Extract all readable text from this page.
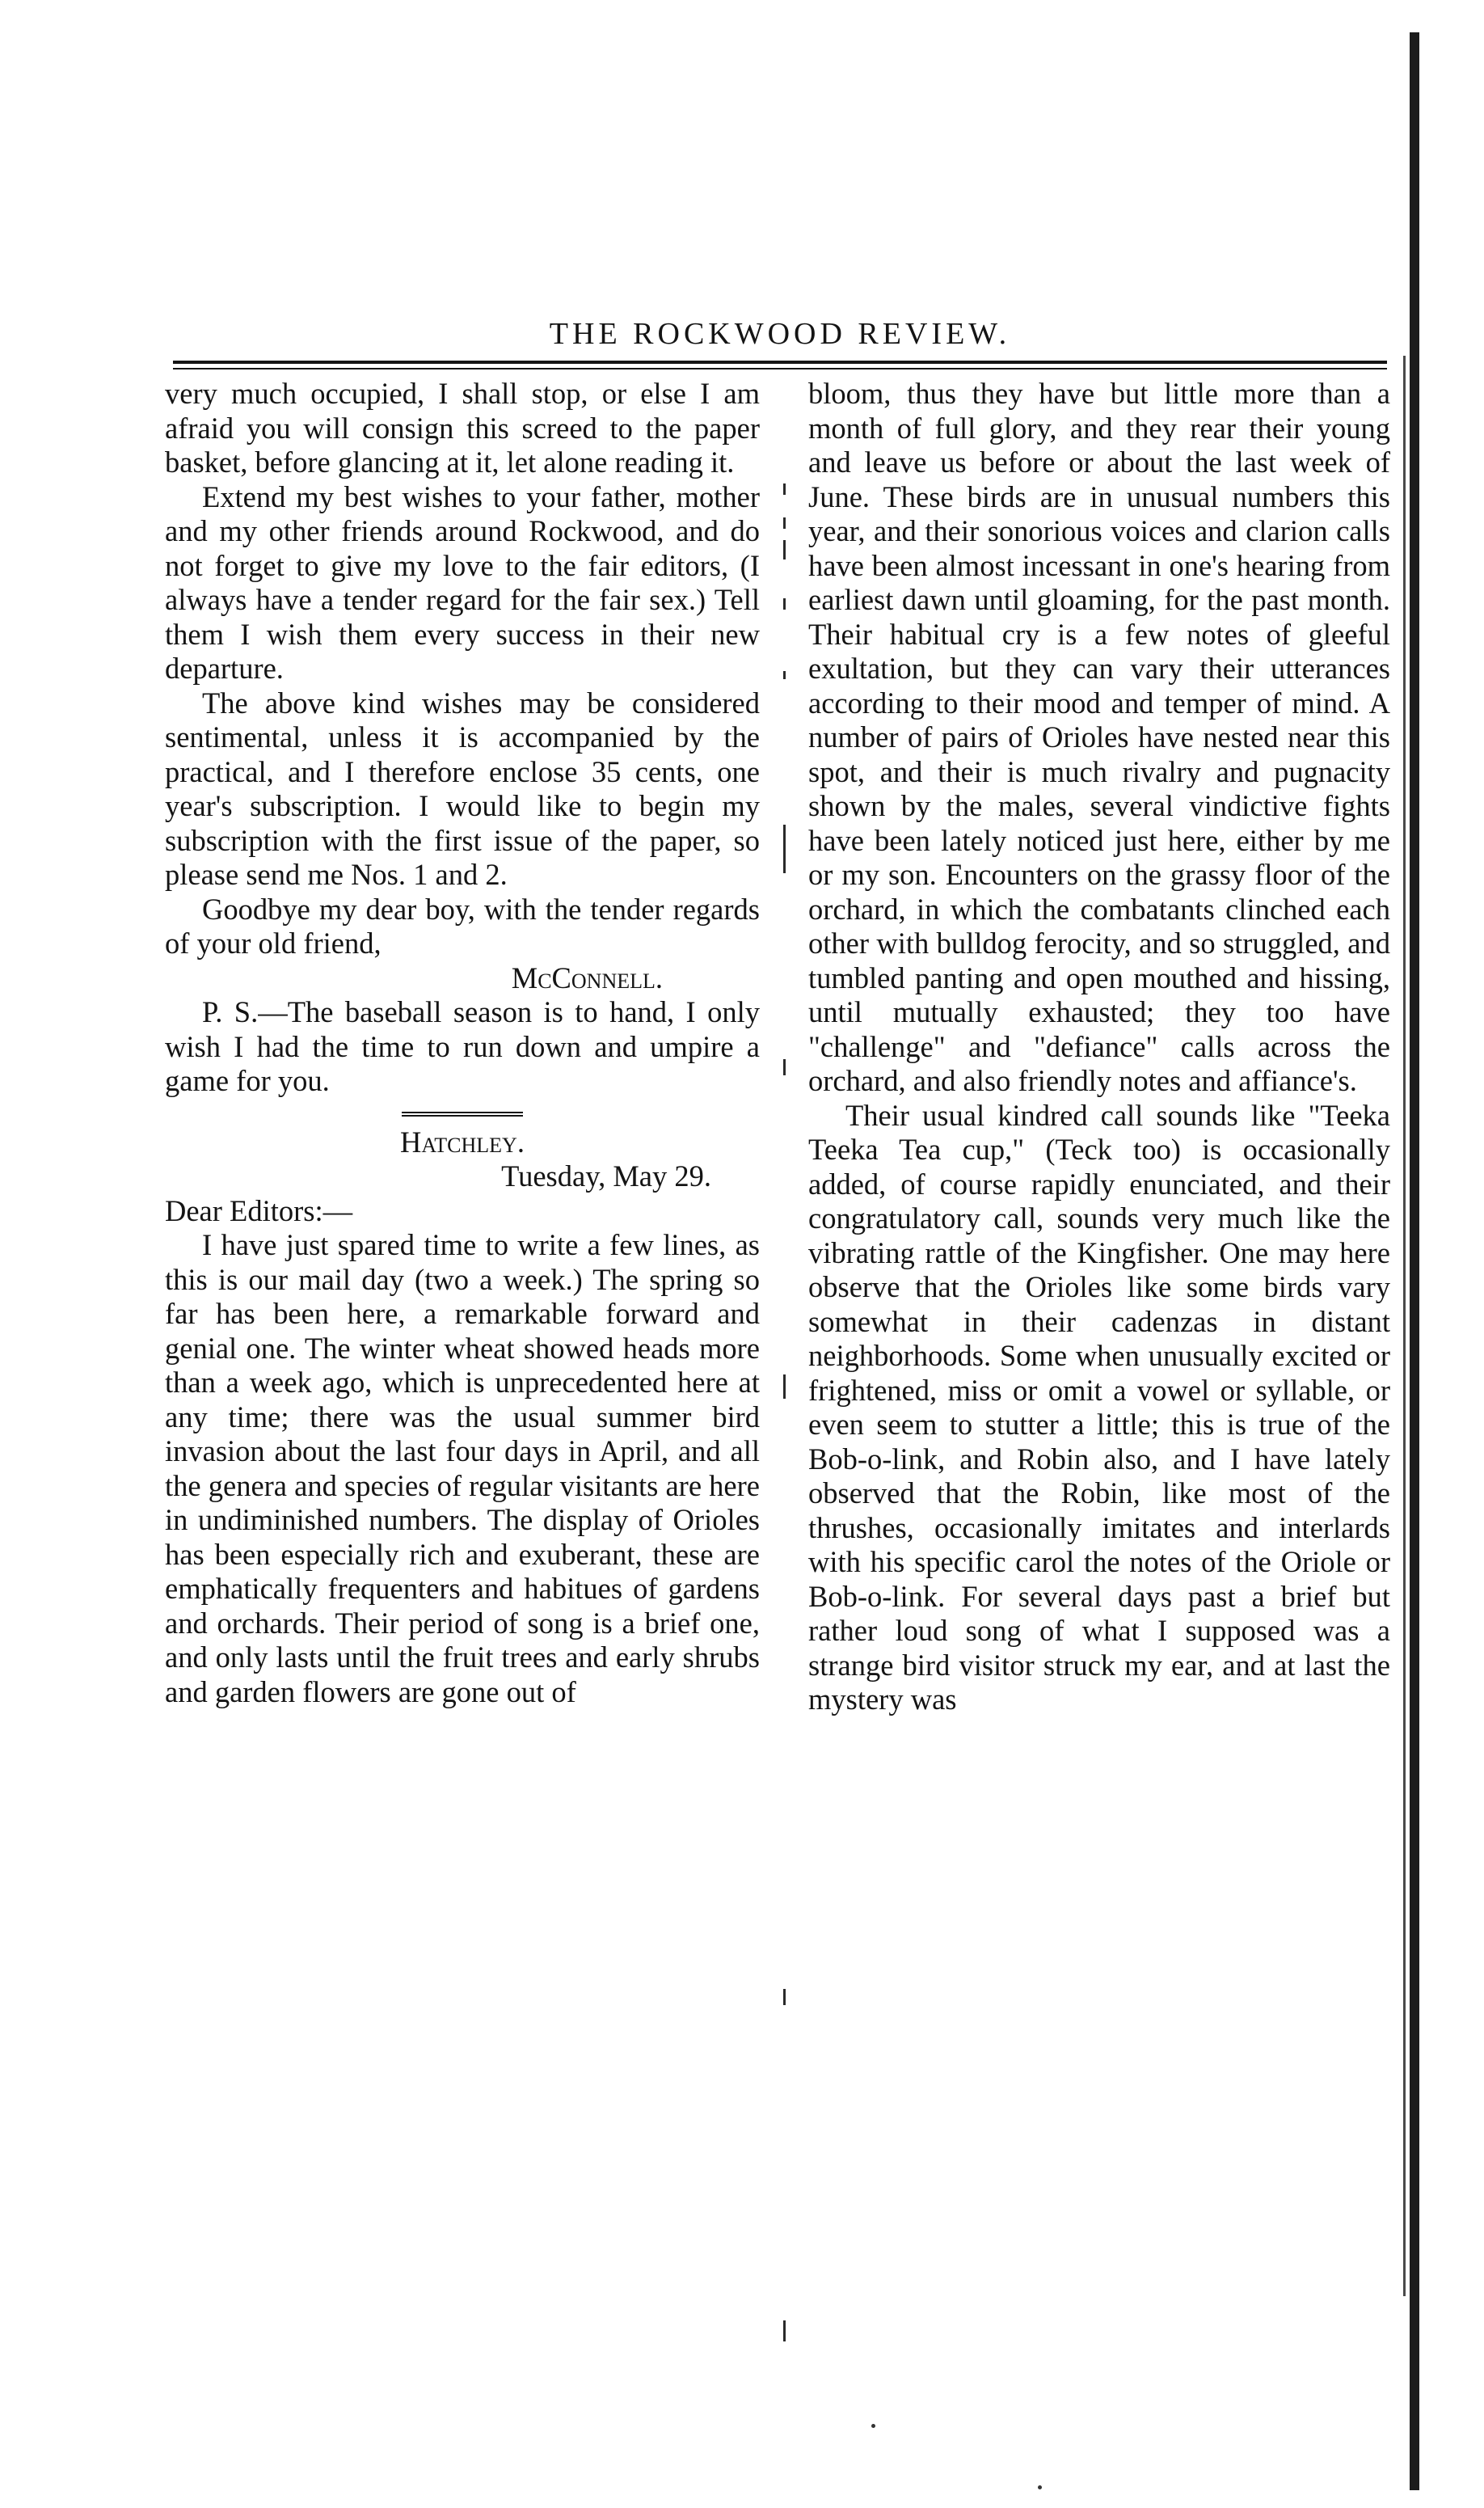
THE ROCKWOOD REVIEW.

very much occupied, I shall stop, or else I am afraid you will consign this screed to the paper basket, before glancing at it, let alone reading it.

Extend my best wishes to your father, mother and my other friends around Rockwood, and do not forget to give my love to the fair editors, (I always have a tender regard for the fair sex.) Tell them I wish them every success in their new departure.

The above kind wishes may be considered sentimental, unless it is accompanied by the practical, and I therefore enclose 35 cents, one year's subscription. I would like to begin my subscription with the first issue of the paper, so please send me Nos. 1 and 2.

Goodbye my dear boy, with the tender regards of your old friend,

McConnell.

P. S.—The baseball season is to hand, I only wish I had the time to run down and umpire a game for you.

Hatchley.

Tuesday, May 29.

Dear Editors:—

I have just spared time to write a few lines, as this is our mail day (two a week.) The spring so far has been here, a remarkable forward and genial one. The winter wheat showed heads more than a week ago, which is unprecedented here at any time; there was the usual summer bird invasion about the last four days in April, and all the genera and species of regular visitants are here in undiminished numbers. The display of Orioles has been especially rich and exuberant, these are emphatically frequenters and habitues of gardens and orchards. Their period of song is a brief one, and only lasts until the fruit trees and early shrubs and garden flowers are gone out of

bloom, thus they have but little more than a month of full glory, and they rear their young and leave us before or about the last week of June. These birds are in unusual numbers this year, and their sonorious voices and clarion calls have been almost incessant in one's hearing from earliest dawn until gloaming, for the past month. Their habitual cry is a few notes of gleeful exultation, but they can vary their utterances according to their mood and temper of mind. A number of pairs of Orioles have nested near this spot, and their is much rivalry and pugnacity shown by the males, several vindictive fights have been lately noticed just here, either by me or my son. Encounters on the grassy floor of the orchard, in which the combatants clinched each other with bulldog ferocity, and so struggled, and tumbled panting and open mouthed and hissing, until mutually exhausted; they too have "challenge" and "defiance" calls across the orchard, and also friendly notes and affiance's.

Their usual kindred call sounds like "Teeka Teeka Tea cup," (Teck too) is occasionally added, of course rapidly enunciated, and their congratulatory call, sounds very much like the vibrating rattle of the Kingfisher. One may here observe that the Orioles like some birds vary somewhat in their cadenzas in distant neighborhoods. Some when unusually excited or frightened, miss or omit a vowel or syllable, or even seem to stutter a little; this is true of the Bob-o-link, and Robin also, and I have lately observed that the Robin, like most of the thrushes, occasionally imitates and interlards with his specific carol the notes of the Oriole or Bob-o-link. For several days past a brief but rather loud song of what I supposed was a strange bird visitor struck my ear, and at last the mystery was
